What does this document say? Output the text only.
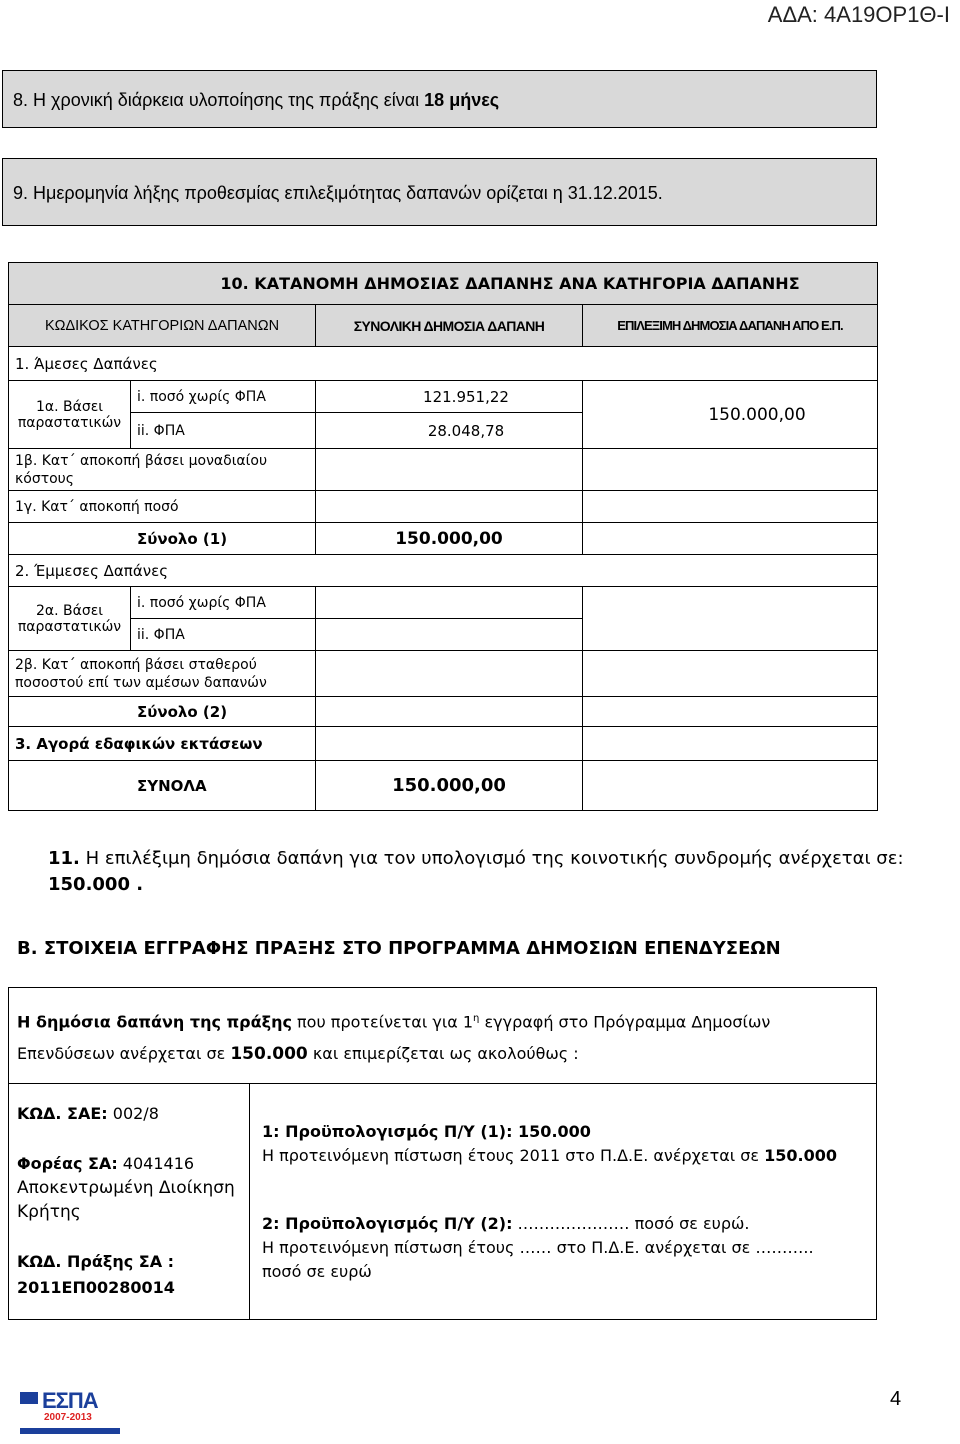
ΑΔΑ: 4Α19ΟΡ1Θ-Ι
8. Η χρονική διάρκεια υλοποίησης της πράξης είναι 18 μήνες
9. Ημερομηνία λήξης προθεσμίας επιλεξιμότητας δαπανών ορίζεται η 31.12.2015.
10. ΚΑΤΑΝΟΜΗ ΔΗΜΟΣΙΑΣ ΔΑΠΑΝΗΣ ΑΝΑ ΚΑΤΗΓΟΡΙΑ ΔΑΠΑΝΗΣ			
ΚΩΔΙΚΟΣ ΚΑΤΗΓΟΡΙΩΝ ΔΑΠΑΝΩΝ		ΣΥΝΟΛΙΚΗ ΔΗΜΟΣΙΑ ΔΑΠΑΝΗ	ΕΠΙΛΕΞΙΜΗ ΔΗΜΟΣΙΑ ΔΑΠΑΝΗ ΑΠΟ Ε.Π.
1. Άμεσες Δαπάνες			
1α. Βάσει παραστατικών	i. ποσό χωρίς ΦΠΑ	121.951,22	150.000,00
	ii. ΦΠΑ	28.048,78	
1β. Κατ΄ αποκοπή βάσει μοναδιαίου κόστους			
1γ. Κατ΄ αποκοπή ποσό			
Σύνολο (1)		150.000,00	
2. Έμμεσες Δαπάνες			
2α. Βάσει παραστατικών	i. ποσό χωρίς ΦΠΑ		
	ii. ΦΠΑ		
2β. Κατ΄ αποκοπή βάσει σταθερού ποσοστού επί των αμέσων δαπανών			
Σύνολο (2)			
3. Αγορά εδαφικών εκτάσεων			
ΣΥΝΟΛΑ		150.000,00	
11. Η επιλέξιμη δημόσια δαπάνη για τον υπολογισμό της κοινοτικής συνδρομής ανέρχεται σε:
150.000 .
Β. ΣΤΟΙΧΕΙΑ ΕΓΓΡΑΦΗΣ ΠΡΑΞΗΣ ΣΤΟ ΠΡΟΓΡΑΜΜΑ ΔΗΜΟΣΙΩΝ ΕΠΕΝΔΥΣΕΩΝ
Η δημόσια δαπάνη της πράξης που προτείνεται για $1^\eta$ εγγραφή στο Πρόγραμμα Δημοσίων
Επενδύσεων ανέρχεται σε 150.000 και επιμερίζεται ως ακολούθως :
ΚΩΔ. ΣΑΕ: 002/8
Φορέας ΣΑ: 4041416
Αποκεντρωμένη Διοίκηση Κρήτης
ΚΩΔ. Πράξης ΣΑ :
2011ΕΠ00280014
1: Προϋπολογισμός Π/Υ (1): 150.000
Η προτεινόμενη πίστωση έτους 2011 στο Π.Δ.Ε. ανέρχεται σε 150.000
2: Προϋπολογισμός Π/Υ (2): ………………… ποσό σε ευρώ.
Η προτεινόμενη πίστωση έτους …… στο Π.Δ.Ε. ανέρχεται σε ………..
ποσό σε ευρώ
ΕΣΠΑ
2007-2013
4
